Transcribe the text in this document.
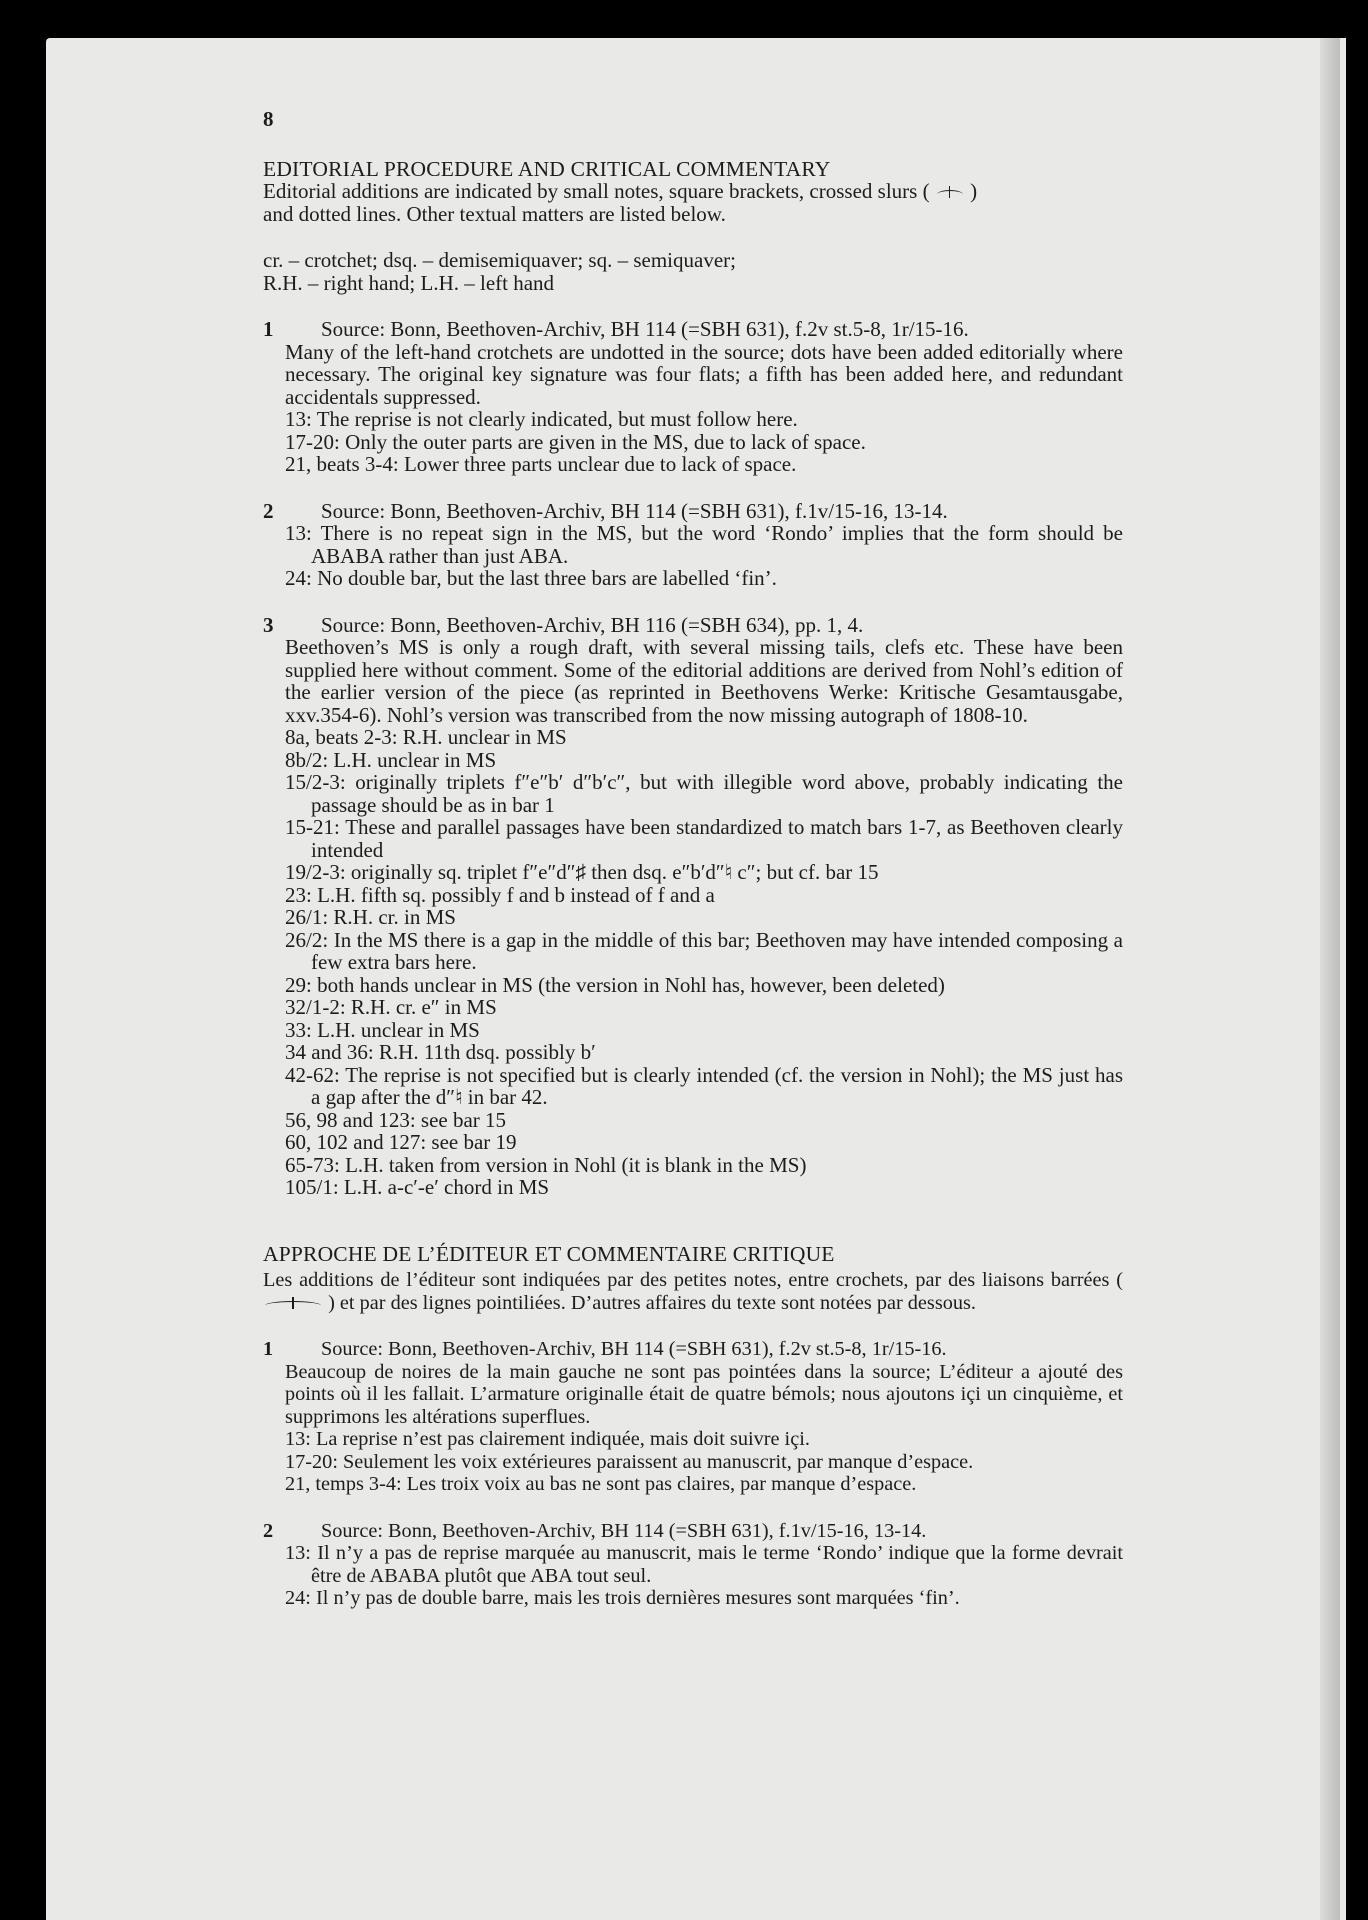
8
EDITORIAL PROCEDURE AND CRITICAL COMMENTARY

Editorial additions are indicated by small notes, square brackets, crossed slurs ( )
and dotted lines. Other textual matters are listed below.

cr. – crotchet; dsq. – demisemiquaver; sq. – semiquaver;

R.H. – right hand; L.H. – left hand

1 Source: Bonn, Beethoven-Archiv, BH 114 (=SBH 631), f.2v st.5-8, 1r/15-16.

Many of the left-hand crotchets are undotted in the source; dots have been added editorially where necessary. The original key signature was four flats; a fifth has been added here, and redundant accidentals suppressed.

13: The reprise is not clearly indicated, but must follow here.

17-20: Only the outer parts are given in the MS, due to lack of space.

21, beats 3-4: Lower three parts unclear due to lack of space.

2 Source: Bonn, Beethoven-Archiv, BH 114 (=SBH 631), f.1v/15-16, 13-14.

13: There is no repeat sign in the MS, but the word ‘Rondo’ implies that the form should be ABABA rather than just ABA.

24: No double bar, but the last three bars are labelled ‘fin’.

3 Source: Bonn, Beethoven-Archiv, BH 116 (=SBH 634), pp. 1, 4.

Beethoven’s MS is only a rough draft, with several missing tails, clefs etc. These have been supplied here without comment. Some of the editorial additions are derived from Nohl’s edition of the earlier version of the piece (as reprinted in Beethovens Werke: Kritische Gesamtausgabe, xxv.354-6). Nohl’s version was transcribed from the now missing autograph of 1808-10.

8a, beats 2-3: R.H. unclear in MS

8b/2: L.H. unclear in MS

15/2-3: originally triplets f″e″b′ d″b′c″, but with illegible word above, probably indicating the passage should be as in bar 1

15-21: These and parallel passages have been standardized to match bars 1-7, as Beethoven clearly intended

19/2-3: originally sq. triplet f″e″d″♯ then dsq. e″b′d″♮ c″; but cf. bar 15

23: L.H. fifth sq. possibly f and b instead of f and a

26/1: R.H. cr. in MS

26/2: In the MS there is a gap in the middle of this bar; Beethoven may have intended composing a few extra bars here.

29: both hands unclear in MS (the version in Nohl has, however, been deleted)

32/1-2: R.H. cr. e″ in MS

33: L.H. unclear in MS

34 and 36: R.H. 11th dsq. possibly b′

42-62: The reprise is not specified but is clearly intended (cf. the version in Nohl); the MS just has a gap after the d″♮ in bar 42.

56, 98 and 123: see bar 15

60, 102 and 127: see bar 19

65-73: L.H. taken from version in Nohl (it is blank in the MS)

105/1: L.H. a-c′-e′ chord in MS

APPROCHE DE L’ÉDITEUR ET COMMENTAIRE CRITIQUE

Les additions de l’éditeur sont indiquées par des petites notes, entre crochets, par des liaisons barrées (  ) et par des lignes pointiliées. D’autres affaires du texte sont notées par dessous.

1 Source: Bonn, Beethoven-Archiv, BH 114 (=SBH 631), f.2v st.5-8, 1r/15-16.

Beaucoup de noires de la main gauche ne sont pas pointées dans la source; L’éditeur a ajouté des points où il les fallait. L’armature originalle était de quatre bémols; nous ajoutons içi un cinquième, et supprimons les altérations superflues.

13: La reprise n’est pas clairement indiquée, mais doit suivre içi.

17-20: Seulement les voix extérieures paraissent au manuscrit, par manque d’espace.

21, temps 3-4: Les troix voix au bas ne sont pas claires, par manque d’espace.

2 Source: Bonn, Beethoven-Archiv, BH 114 (=SBH 631), f.1v/15-16, 13-14.

13: Il n’y a pas de reprise marquée au manuscrit, mais le terme ‘Rondo’ indique que la forme devrait être de ABABA plutôt que ABA tout seul.

24: Il n’y pas de double barre, mais les trois dernières mesures sont marquées ‘fin’.
